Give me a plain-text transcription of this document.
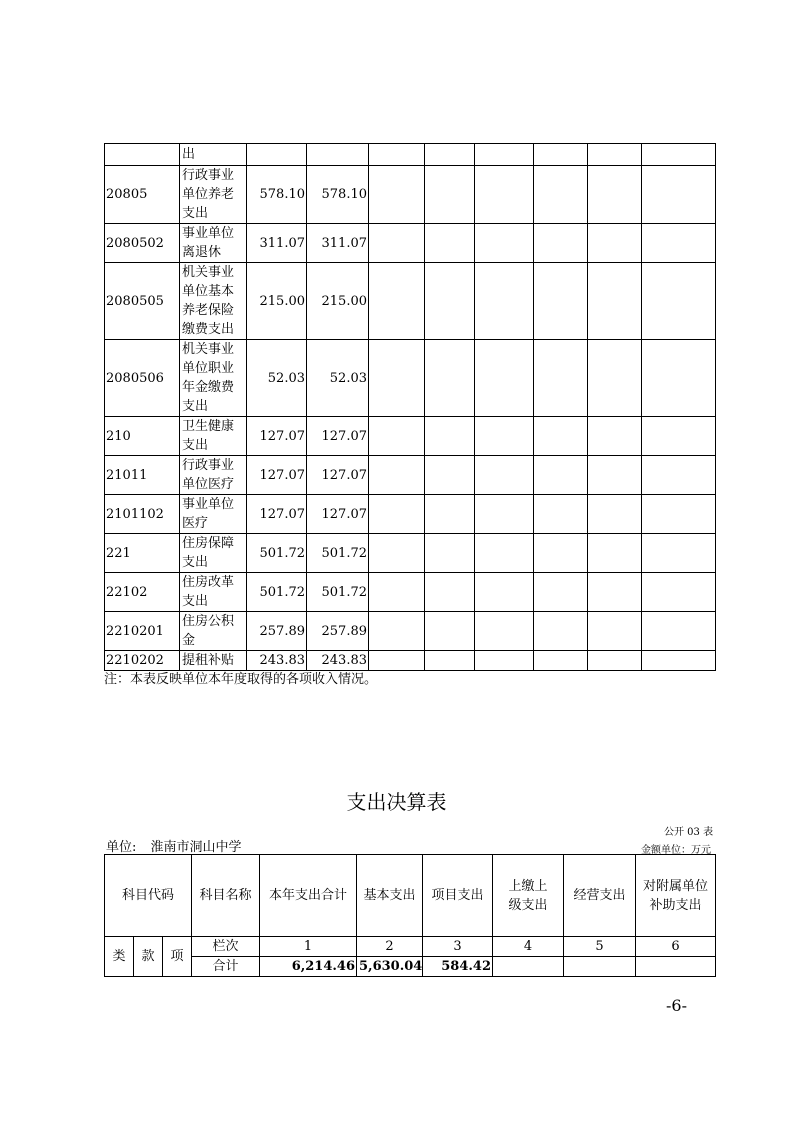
	出								
20805	行政事业单位养老支出	578.10	578.10						
2080502	事业单位离退休	311.07	311.07						
2080505	机关事业单位基本养老保险缴费支出	215.00	215.00						
2080506	机关事业单位职业年金缴费支出	52.03	52.03						
210	卫生健康支出	127.07	127.07						
21011	行政事业单位医疗	127.07	127.07						
2101102	事业单位医疗	127.07	127.07						
221	住房保障支出	501.72	501.72						
22102	住房改革支出	501.72	501.72						
2210201	住房公积金	257.89	257.89						
2210202	提租补贴	243.83	243.83						
注：本表反映单位本年度取得的各项收入情况。
支出决算表
公开 03 表
单位: 淮南市洞山中学	金额单位：万元
科目代码			科目名称	本年支出合计	基本支出	项目支出	上缴上级支出	经营支出	对附属单位补助支出

类	款	项	栏次	1	2	3	4	5	6
			合计	6,214.46	5,630.04	584.42			
-6-
